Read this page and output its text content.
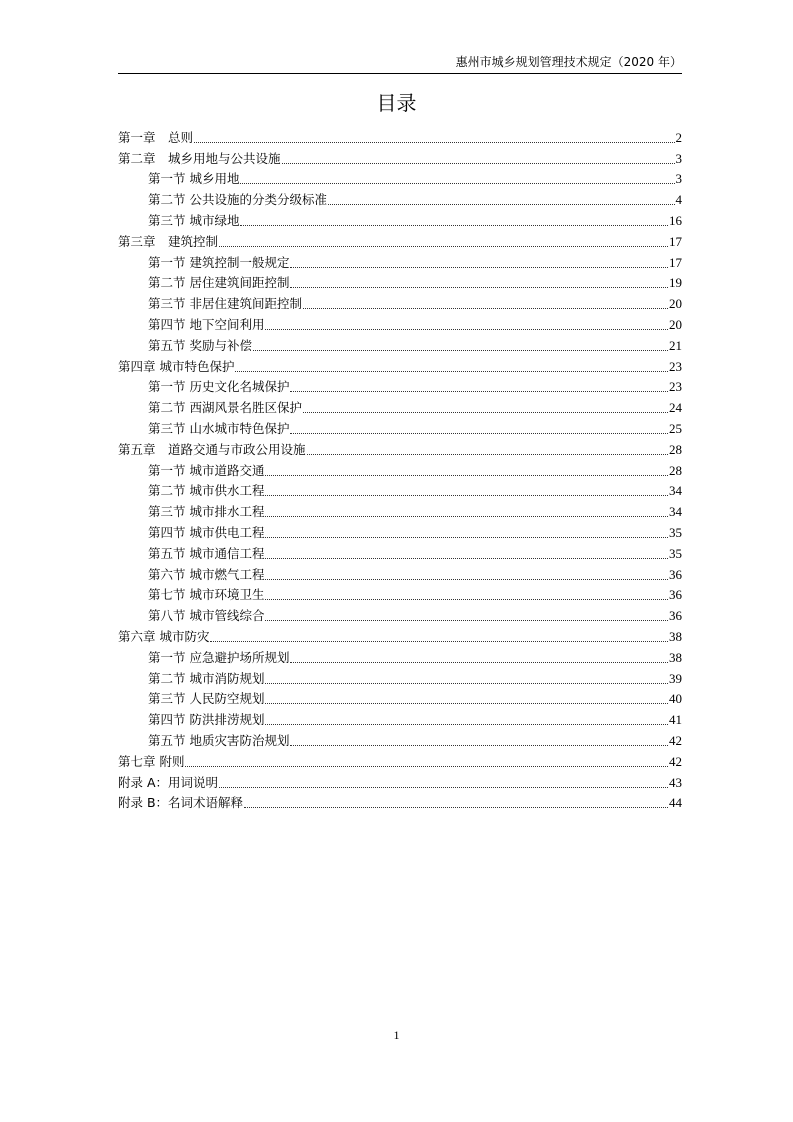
惠州市城乡规划管理技术规定（2020 年）
目录
第一章　总则	2
第二章　城乡用地与公共设施	3
第一节 城乡用地	3
第二节 公共设施的分类分级标准	4
第三节 城市绿地	16
第三章　建筑控制	17
第一节 建筑控制一般规定	17
第二节 居住建筑间距控制	19
第三节 非居住建筑间距控制	20
第四节 地下空间利用	20
第五节 奖励与补偿	21
第四章 城市特色保护	23
第一节 历史文化名城保护	23
第二节 西湖风景名胜区保护	24
第三节 山水城市特色保护	25
第五章　道路交通与市政公用设施	28
第一节 城市道路交通	28
第二节 城市供水工程	34
第三节 城市排水工程	34
第四节 城市供电工程	35
第五节 城市通信工程	35
第六节 城市燃气工程	36
第七节 城市环境卫生	36
第八节 城市管线综合	36
第六章 城市防灾	38
第一节 应急避护场所规划	38
第二节 城市消防规划	39
第三节 人民防空规划	40
第四节 防洪排涝规划	41
第五节 地质灾害防治规划	42
第七章 附则	42
附录 A：用词说明	43
附录 B：名词术语解释	44
1
